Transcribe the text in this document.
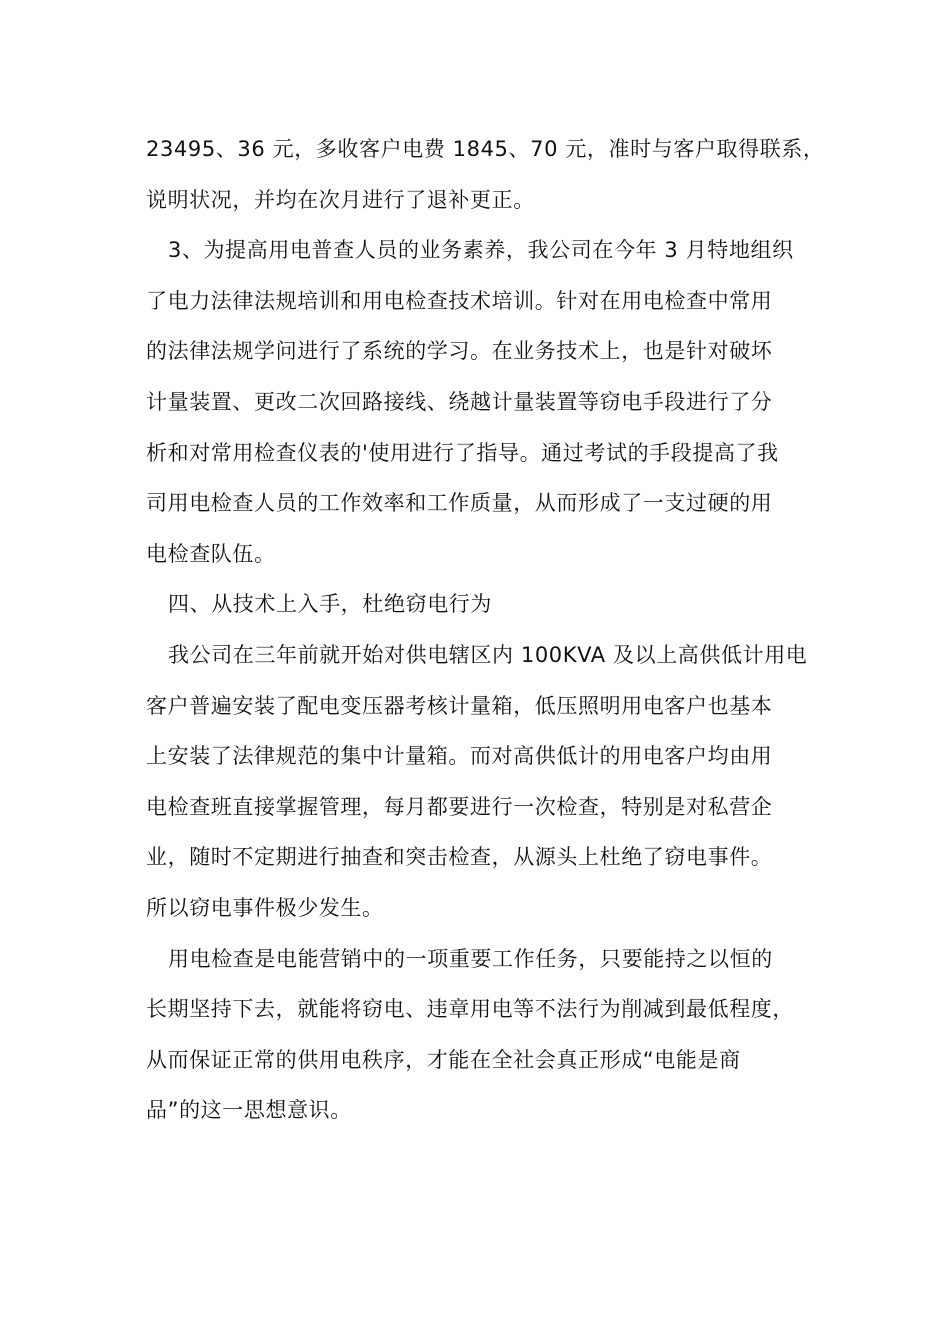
23495、36 元，多收客户电费 1845、70 元，准时与客户取得联系，
说明状况，并均在次月进行了退补更正。
3、为提高用电普查人员的业务素养，我公司在今年 3 月特地组织
了电力法律法规培训和用电检查技术培训。针对在用电检查中常用
的法律法规学问进行了系统的学习。在业务技术上，也是针对破坏
计量装置、更改二次回路接线、绕越计量装置等窃电手段进行了分
析和对常用检查仪表的'使用进行了指导。通过考试的手段提高了我
司用电检查人员的工作效率和工作质量，从而形成了一支过硬的用
电检查队伍。
四、从技术上入手，杜绝窃电行为
我公司在三年前就开始对供电辖区内 100KVA 及以上高供低计用电
客户普遍安装了配电变压器考核计量箱，低压照明用电客户也基本
上安装了法律规范的集中计量箱。而对高供低计的用电客户均由用
电检查班直接掌握管理，每月都要进行一次检查，特别是对私营企
业，随时不定期进行抽查和突击检查，从源头上杜绝了窃电事件。
所以窃电事件极少发生。
用电检查是电能营销中的一项重要工作任务，只要能持之以恒的
长期坚持下去，就能将窃电、违章用电等不法行为削减到最低程度，
从而保证正常的供用电秩序，才能在全社会真正形成“电能是商
品”的这一思想意识。
